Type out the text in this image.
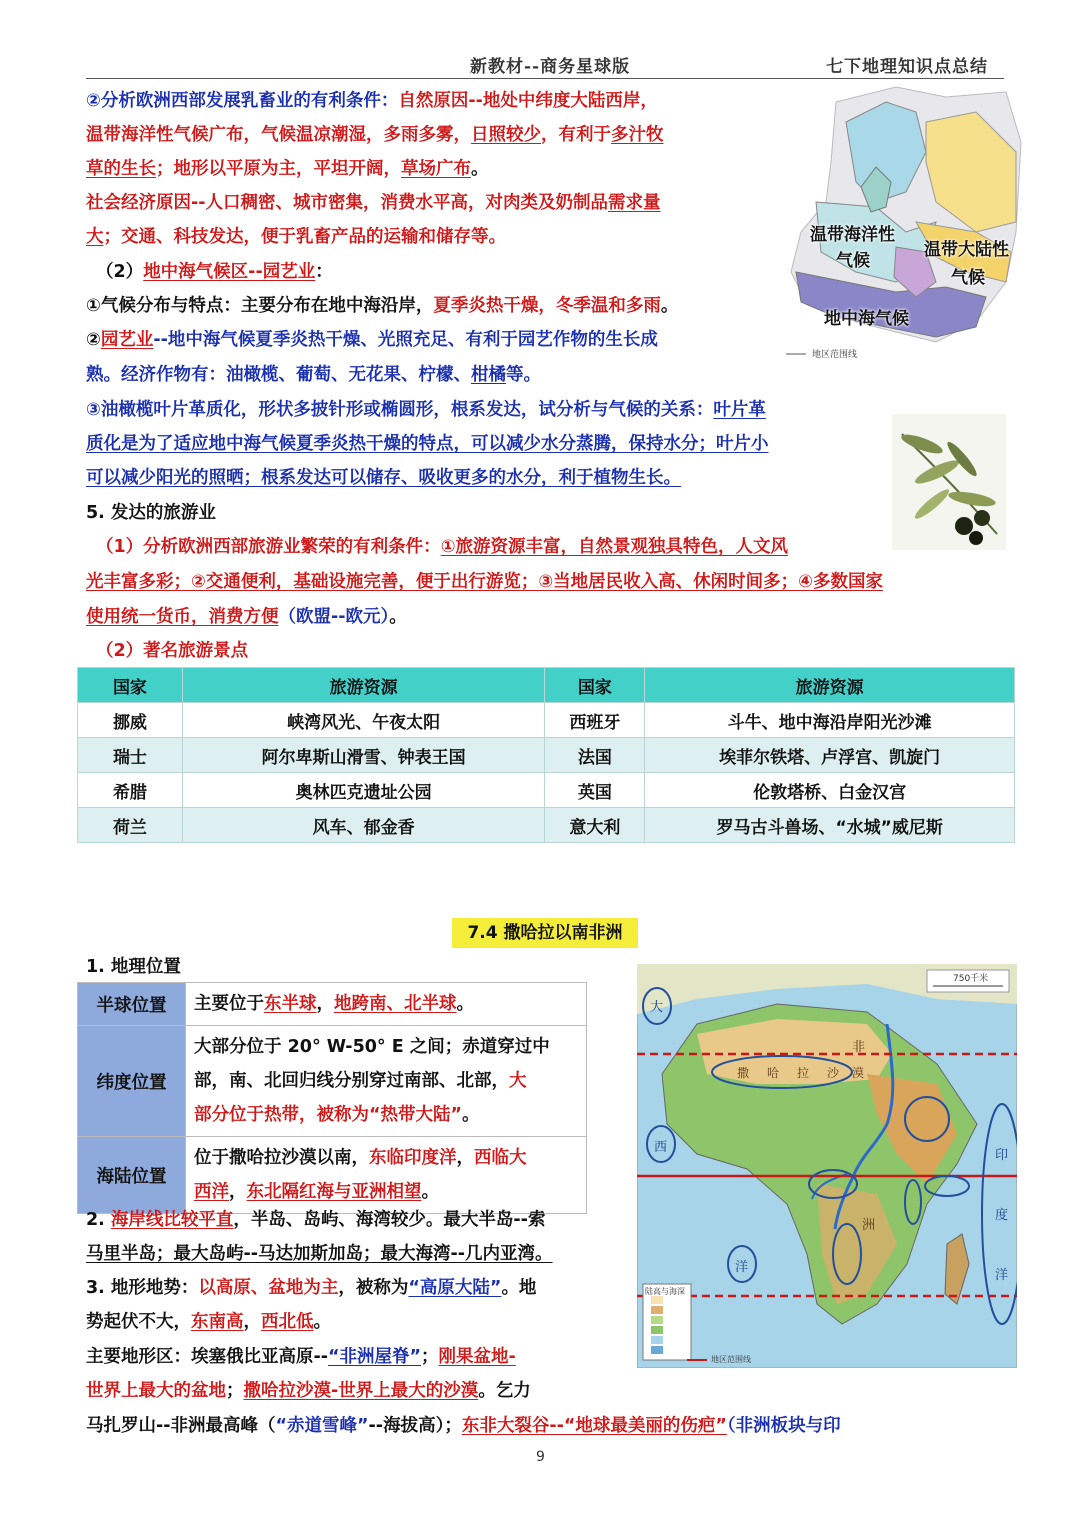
新教材--商务星球版	七下地理知识点总结
②分析欧洲西部发展乳畜业的有利条件：自然原因--地处中纬度大陆西岸，
温带海洋性气候广布，气候温凉潮湿，多雨多雾，日照较少，有利于多汁牧
草的生长；地形以平原为主，平坦开阔，草场广布。
社会经济原因--人口稠密、城市密集，消费水平高，对肉类及奶制品需求量
大；交通、科技发达，便于乳畜产品的运输和储存等。
（2）地中海气候区--园艺业：
①气候分布与特点：主要分布在地中海沿岸，夏季炎热干燥，冬季温和多雨。
②园艺业--地中海气候夏季炎热干燥、光照充足、有利于园艺作物的生长成
熟。经济作物有：油橄榄、葡萄、无花果、柠檬、柑橘等。
③油橄榄叶片革质化，形状多披针形或椭圆形，根系发达，试分析与气候的关系：叶片革
质化是为了适应地中海气候夏季炎热干燥的特点，可以减少水分蒸腾，保持水分；叶片小
可以减少阳光的照晒；根系发达可以储存、吸收更多的水分，利于植物生长。
5. 发达的旅游业
（1）分析欧洲西部旅游业繁荣的有利条件：①旅游资源丰富，自然景观独具特色，人文风
光丰富多彩；②交通便利，基础设施完善，便于出行游览；③当地居民收入高、休闲时间多；④多数国家
使用统一货币，消费方便（欧盟--欧元）。
（2）著名旅游景点
国家	旅游资源	国家	旅游资源
挪威	峡湾风光、午夜太阳	西班牙	斗牛、地中海沿岸阳光沙滩
瑞士	阿尔卑斯山滑雪、钟表王国	法国	埃菲尔铁塔、卢浮宫、凯旋门
希腊	奥林匹克遗址公园	英国	伦敦塔桥、白金汉宫
荷兰	风车、郁金香	意大利	罗马古斗兽场、“水城”威尼斯
温带海洋性
气候
温带大陆性
气候
地中海气候
地区范围线
7.4 撒哈拉以南非洲
1. 地理位置
半球位置	主要位于东半球，地跨南、北半球。
纬度位置	大部分位于 20° W-50° E 之间；赤道穿过中
部，南、北回归线分别穿过南部、北部，大
部分位于热带，被称为“热带大陆”。

海陆位置	位于撒哈拉沙漠以南，东临印度洋，西临大
西洋，东北隔红海与亚洲相望。
2. 海岸线比较平直，半岛、岛屿、海湾较少。最大半岛--索
马里半岛；最大岛屿--马达加斯加岛；最大海湾--几内亚湾。
3. 地形地势：以高原、盆地为主，被称为“高原大陆”。地
势起伏不大，东南高，西北低。
主要地形区：埃塞俄比亚高原--“非洲屋脊”；刚果盆地-
世界上最大的盆地；撒哈拉沙漠-世界上最大的沙漠。乞力
马扎罗山--非洲最高峰（“赤道雪峰”--海拔高）；东非大裂谷--“地球最美丽的伤疤”（非洲板块与印
750千米
陆高与海深
地区范围线
大
西
洋
印
度
洋
非
洲
撒 哈 拉 沙 漠
9
